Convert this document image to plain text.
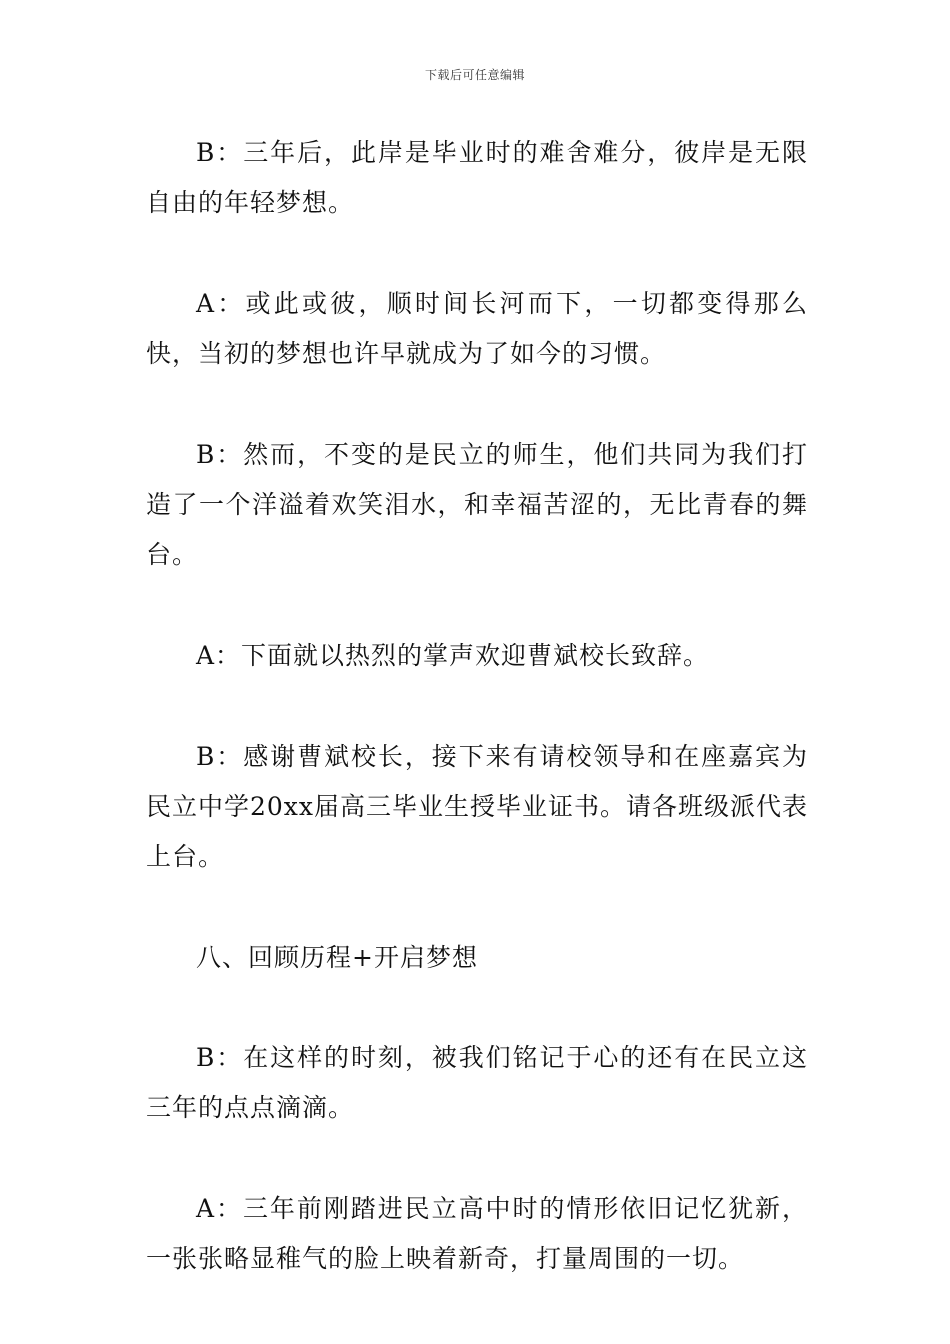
下载后可任意编辑

B：三年后，此岸是毕业时的难舍难分，彼岸是无限自由的年轻梦想。

A：或此或彼，顺时间长河而下，一切都变得那么快，当初的梦想也许早就成为了如今的习惯。

B：然而，不变的是民立的师生，他们共同为我们打造了一个洋溢着欢笑泪水，和幸福苦涩的，无比青春的舞台。

A：下面就以热烈的掌声欢迎曹斌校长致辞。

B：感谢曹斌校长，接下来有请校领导和在座嘉宾为民立中学20xx届高三毕业生授毕业证书。请各班级派代表上台。

八、回顾历程+开启梦想

B：在这样的时刻，被我们铭记于心的还有在民立这三年的点点滴滴。

A：三年前刚踏进民立高中时的情形依旧记忆犹新，一张张略显稚气的脸上映着新奇，打量周围的一切。
